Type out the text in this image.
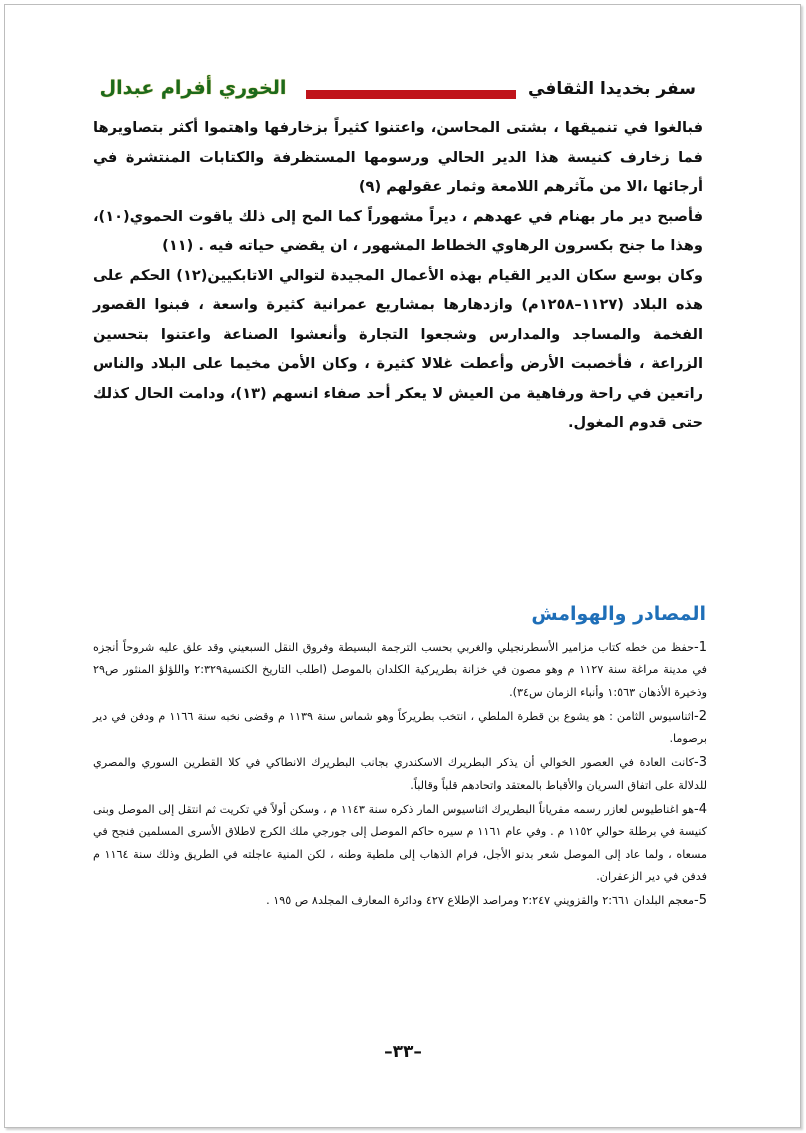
الخوري أفرام عبدال	سفر بخديدا الثقافي

فبالغوا في تنميقها ، بشتى المحاسن، واعتنوا كثيراً بزخارفها واهتموا أكثر بتصاويرها فما زخارف كنيسة هذا الدير الحالي ورسومها المستظرفة والكتابات المنتشرة في أرجائها ،الا من مآثرهم اللامعة وثمار عقولهم (٩)

فأصبح دير مار بهنام في عهدهم ، ديراً مشهوراً كما المح إلى ذلك ياقوت الحموي(١٠)، وهذا ما جنح بكسرون الرهاوي الخطاط المشهور ، ان يقضي حياته فيه . (١١)

وكان بوسع سكان الدير القيام بهذه الأعمال المجيدة لتوالي الاتابكيين(١٢) الحكم على هذه البلاد (١١٢٧–١٢٥٨م) وازدهارها بمشاريع عمرانية كثيرة واسعة ، فبنوا القصور الفخمة والمساجد والمدارس وشجعوا التجارة وأنعشوا الصناعة واعتنوا بتحسين الزراعة ، فأخصبت الأرض وأعطت غلالا كثيرة ، وكان الأمن مخيما على البلاد والناس راتعين في راحة ورفاهية من العيش لا يعكر أحد صفاء انسهم (١٣)، ودامت الحال كذلك حتى قدوم المغول.

المصادر والهوامش

1-حفظ من خطه كتاب مزامير الأسطرنجيلي والغربي بحسب الترجمة البسيطة وفروق النقل السبعيني وقد علق عليه شروحاً أنجزه في مدينة مراغة سنة ١١٢٧ م وهو مصون في خزانة بطريركية الكلدان بالموصل (اطلب التاريخ الكنسية٢:٣٢٩ واللؤلؤ المنثور ص٢٩ وذخيرة الأذهان ١:٥٦٣ وأنباء الزمان س٣٤).

2-اثناسيوس الثامن : هو يشوع بن قطرة الملطي ، انتخب بطريركاً وهو شماس سنة ١١٣٩ م وقضى نخبه سنة ١١٦٦ م ودفن في دير برصوما.

3-كانت العادة في العصور الخوالي أن يذكر البطريرك الاسكندري بجانب البطريرك الانطاكي في كلا القطرين السوري والمصري للدلالة على اتفاق السريان والأقباط بالمعتقد واتحادهم قلباً وقالباً.

4-هو اغناطيوس لعازر رسمه مفرياناً البطريرك اثناسيوس المار ذكره سنة ١١٤٣ م ، وسكن أولاً في تكريت ثم انتقل إلى الموصل وبنى كنيسة في برطلة حوالي ١١٥٢ م . وفي عام ١١٦١ م سيره حاكم الموصل إلى جورجي ملك الكرج لاطلاق الأسرى المسلمين فنجح في مسعاه ، ولما عاد إلى الموصل شعر بدنو الأجل، فرام الذهاب إلى ملطية وطنه ، لكن المنية عاجلته في الطريق وذلك سنة ١١٦٤ م فدفن في دير الزعفران.

5-معجم البلدان ٢:٦٦١ والقزويني ٢:٢٤٧ ومراصد الإطلاع ٤٢٧ ودائرة المعارف المجلد٨ ص ١٩٥ .

–٣٣–
